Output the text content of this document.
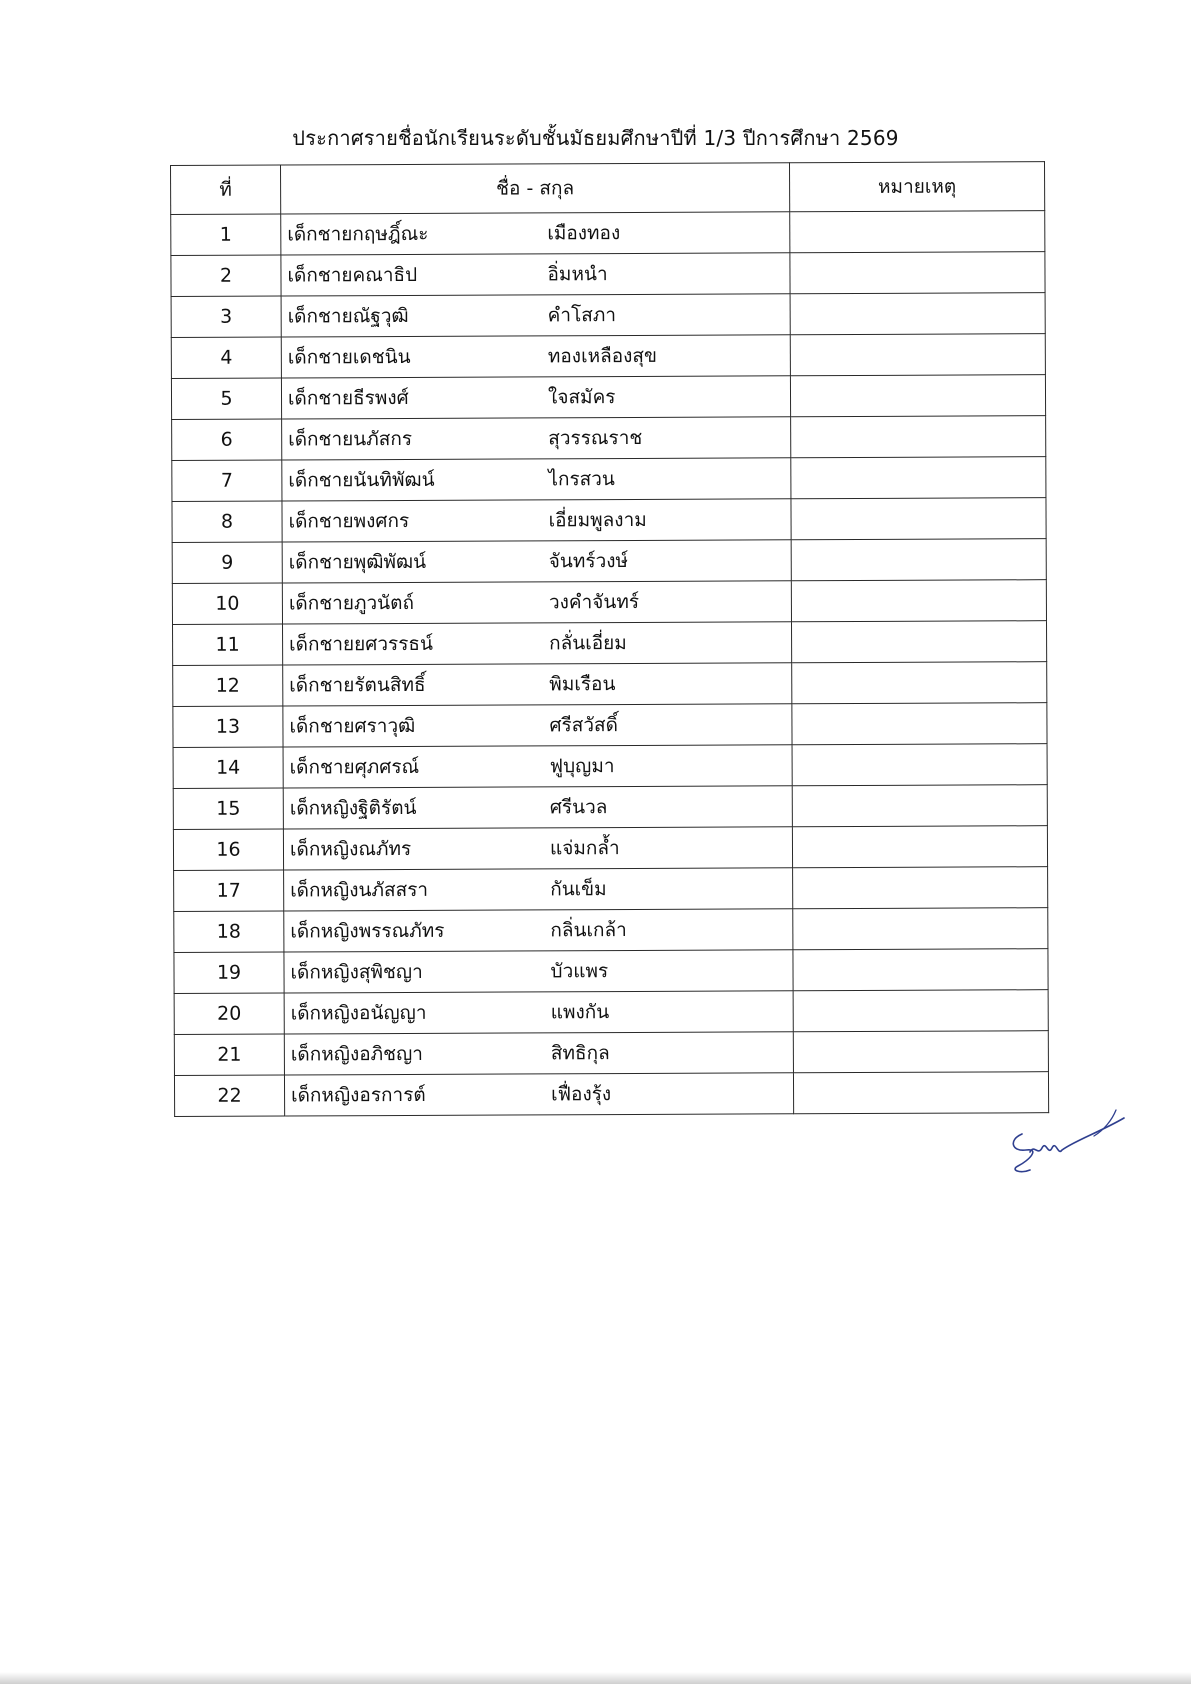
ประกาศรายชื่อนักเรียนระดับชั้นมัธยมศึกษาปีที่ 1/3 ปีการศึกษา 2569
ที่	ชื่อ - สกุล	หมายเหตุ
1	เด็กชายกฤษฎิ์ณะ เมืองทอง	
2	เด็กชายคณาธิป อิ่มหนำ	
3	เด็กชายณัฐวุฒิ คำโสภา	
4	เด็กชายเดชนิน ทองเหลืองสุข	
5	เด็กชายธีรพงศ์ ใจสมัคร	
6	เด็กชายนภัสกร สุวรรณราช	
7	เด็กชายนันทิพัฒน์ ไกรสวน	
8	เด็กชายพงศกร เอี่ยมพูลงาม	
9	เด็กชายพุฒิพัฒน์ จันทร์วงษ์	
10	เด็กชายภูวนัตถ์ วงคำจันทร์	
11	เด็กชายยศวรรธน์ กลั่นเอี่ยม	
12	เด็กชายรัตนสิทธิ์ พิมเรือน	
13	เด็กชายศราวุฒิ ศรีสวัสดิ์	
14	เด็กชายศุภศรณ์ ฟูบุญมา	
15	เด็กหญิงฐิติรัตน์ ศรีนวล	
16	เด็กหญิงณภัทร แจ่มกล้ำ	
17	เด็กหญิงนภัสสรา กันเข็ม	
18	เด็กหญิงพรรณภัทร กลิ่นเกล้า	
19	เด็กหญิงสุพิชญา บัวแพร	
20	เด็กหญิงอนัญญา แพงกัน	
21	เด็กหญิงอภิชญา สิทธิกุล	
22	เด็กหญิงอรการต์ เฟื่องรุ้ง	
